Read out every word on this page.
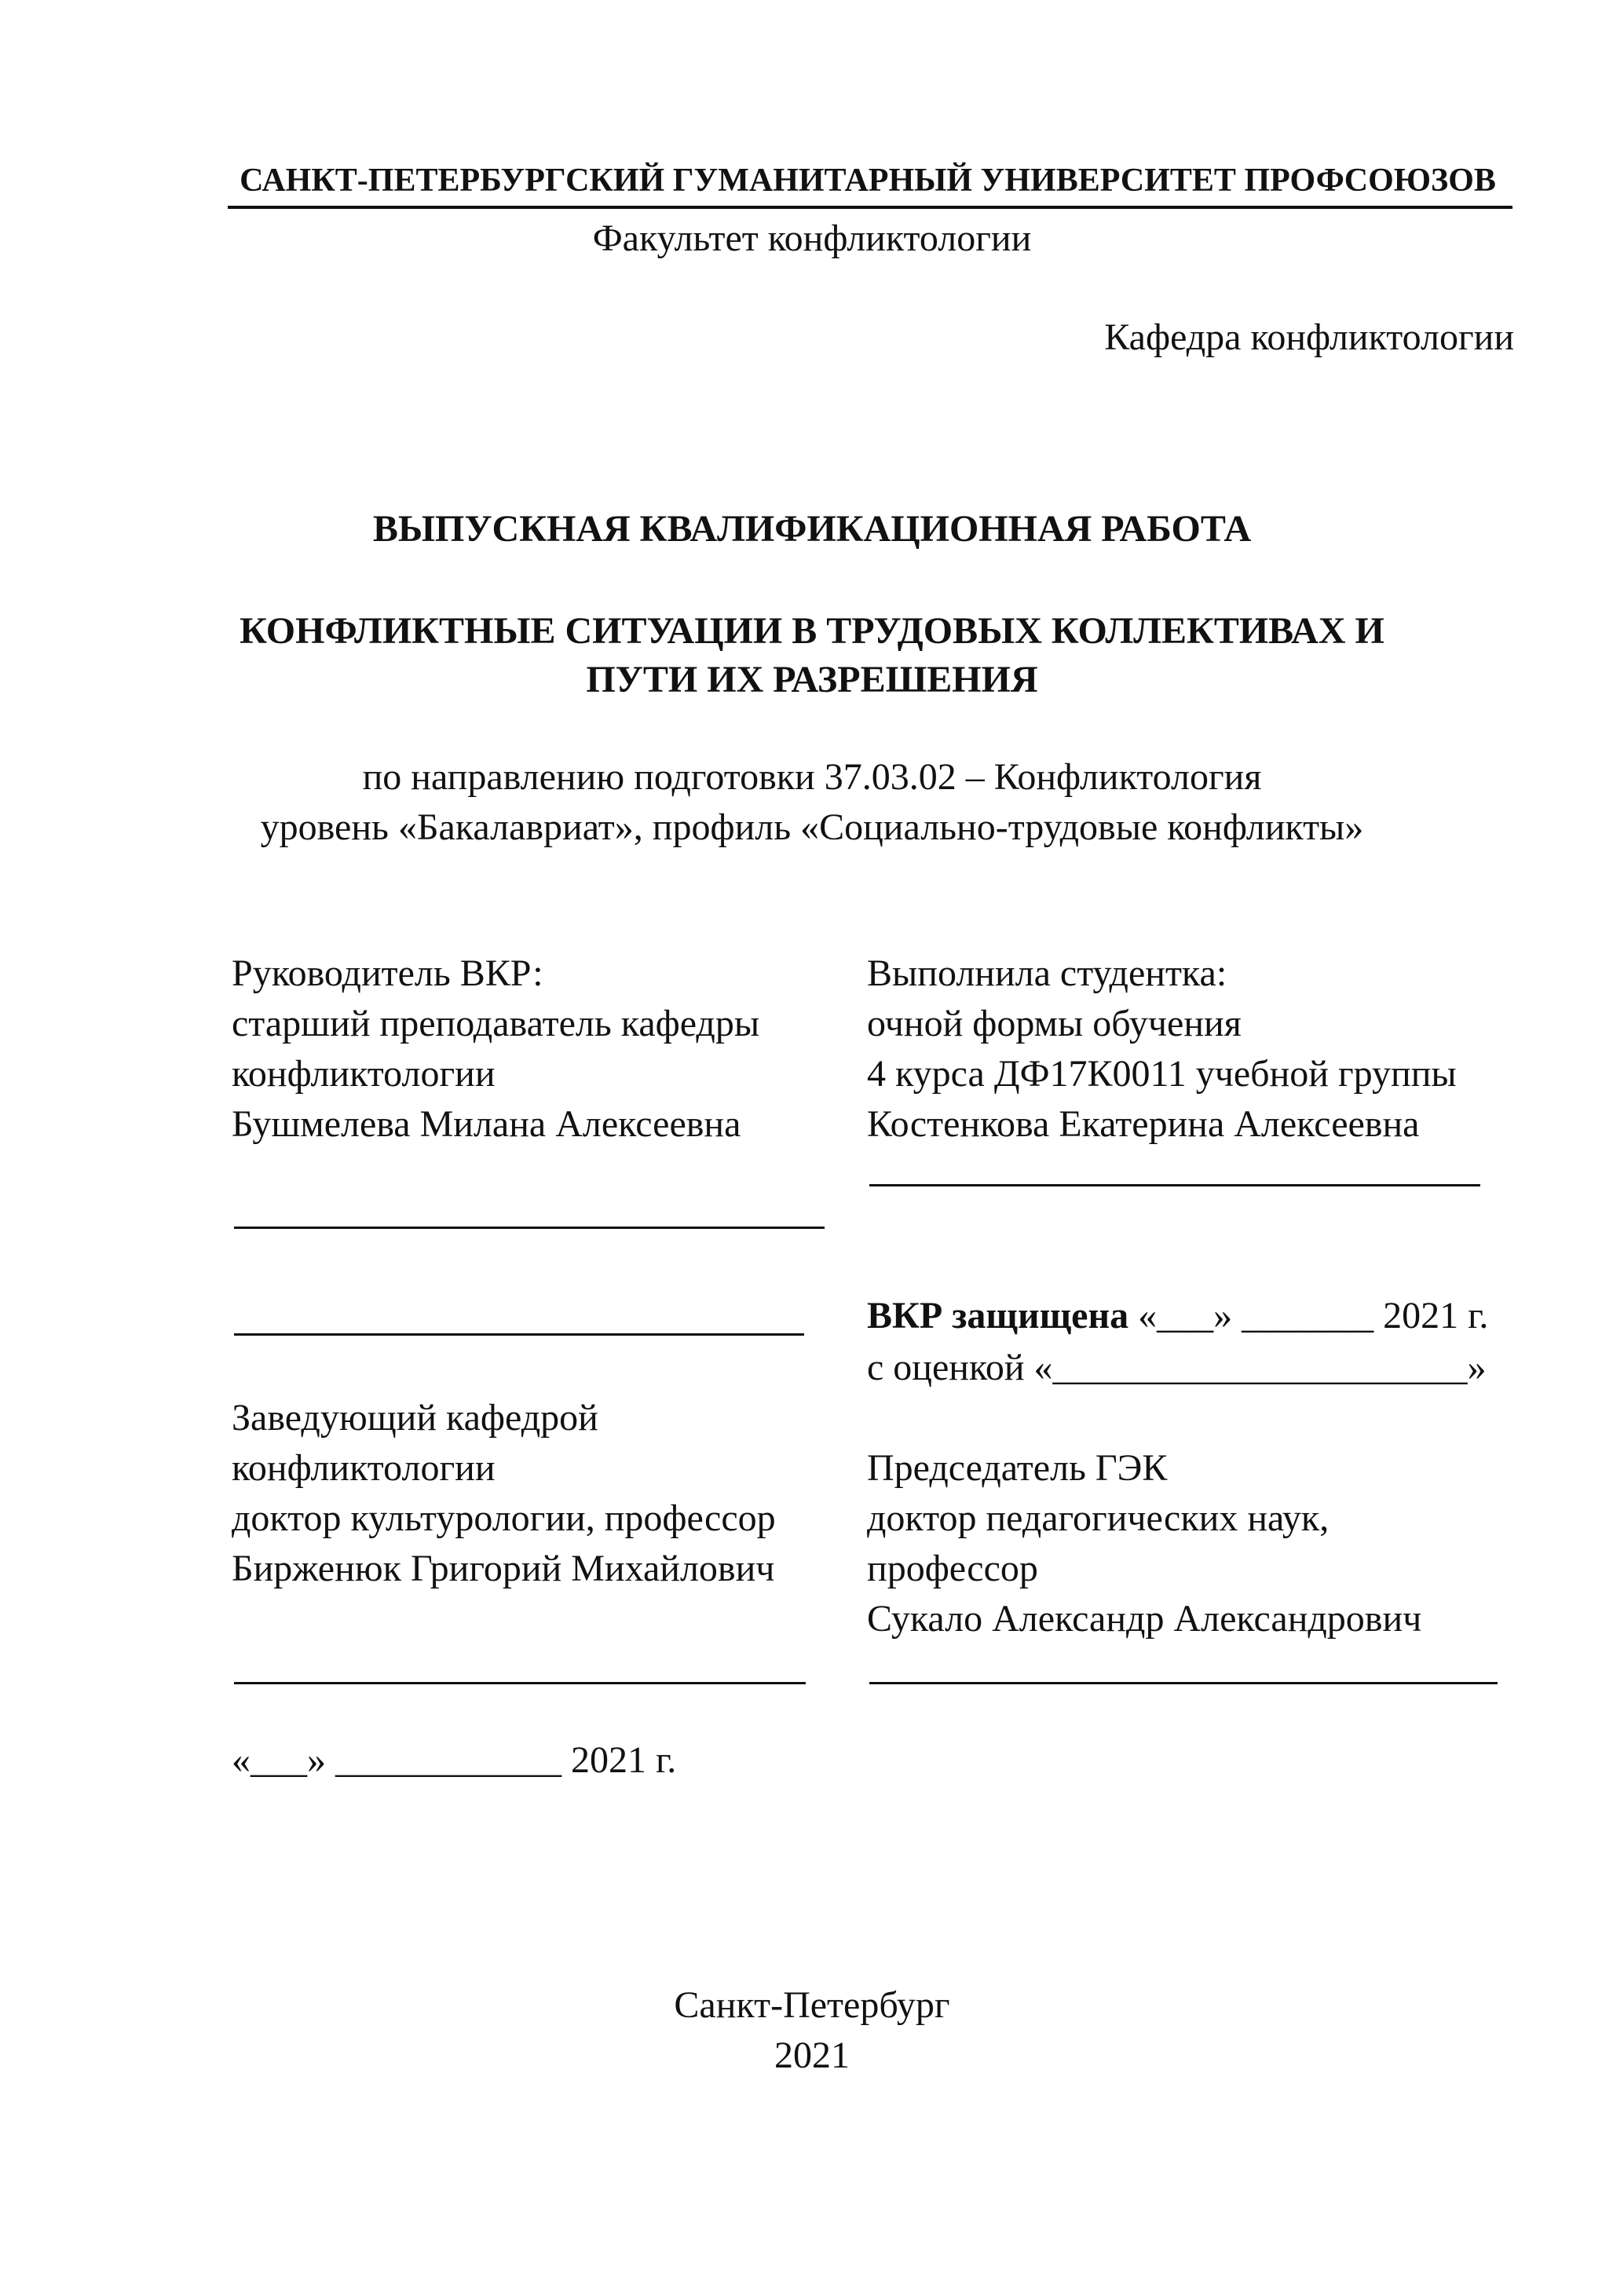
САНКТ-ПЕТЕРБУРГСКИЙ ГУМАНИТАРНЫЙ УНИВЕРСИТЕТ ПРОФСОЮЗОВ
Факультет конфликтологии
Кафедра конфликтологии
ВЫПУСКНАЯ КВАЛИФИКАЦИОННАЯ РАБОТА
КОНФЛИКТНЫЕ СИТУАЦИИ В ТРУДОВЫХ КОЛЛЕКТИВАХ И
ПУТИ ИХ РАЗРЕШЕНИЯ
по направлению подготовки 37.03.02 – Конфликтология
уровень «Бакалавриат», профиль «Социально-трудовые конфликты»
Руководитель ВКР:
старший преподаватель кафедры
конфликтологии
Бушмелева Милана Алексеевна
Выполнила студентка:
очной формы обучения
4 курса ДФ17К0011 учебной группы
Костенкова Екатерина Алексеевна
ВКР защищена «___» _______ 2021 г.
с оценкой «______________________»
Заведующий кафедрой
конфликтологии
доктор культурологии, профессор
Бирженюк Григорий Михайлович
Председатель ГЭК
доктор педагогических наук,
профессор
Сукало Александр Александрович
«___» ____________ 2021 г.
Санкт-Петербург
2021
